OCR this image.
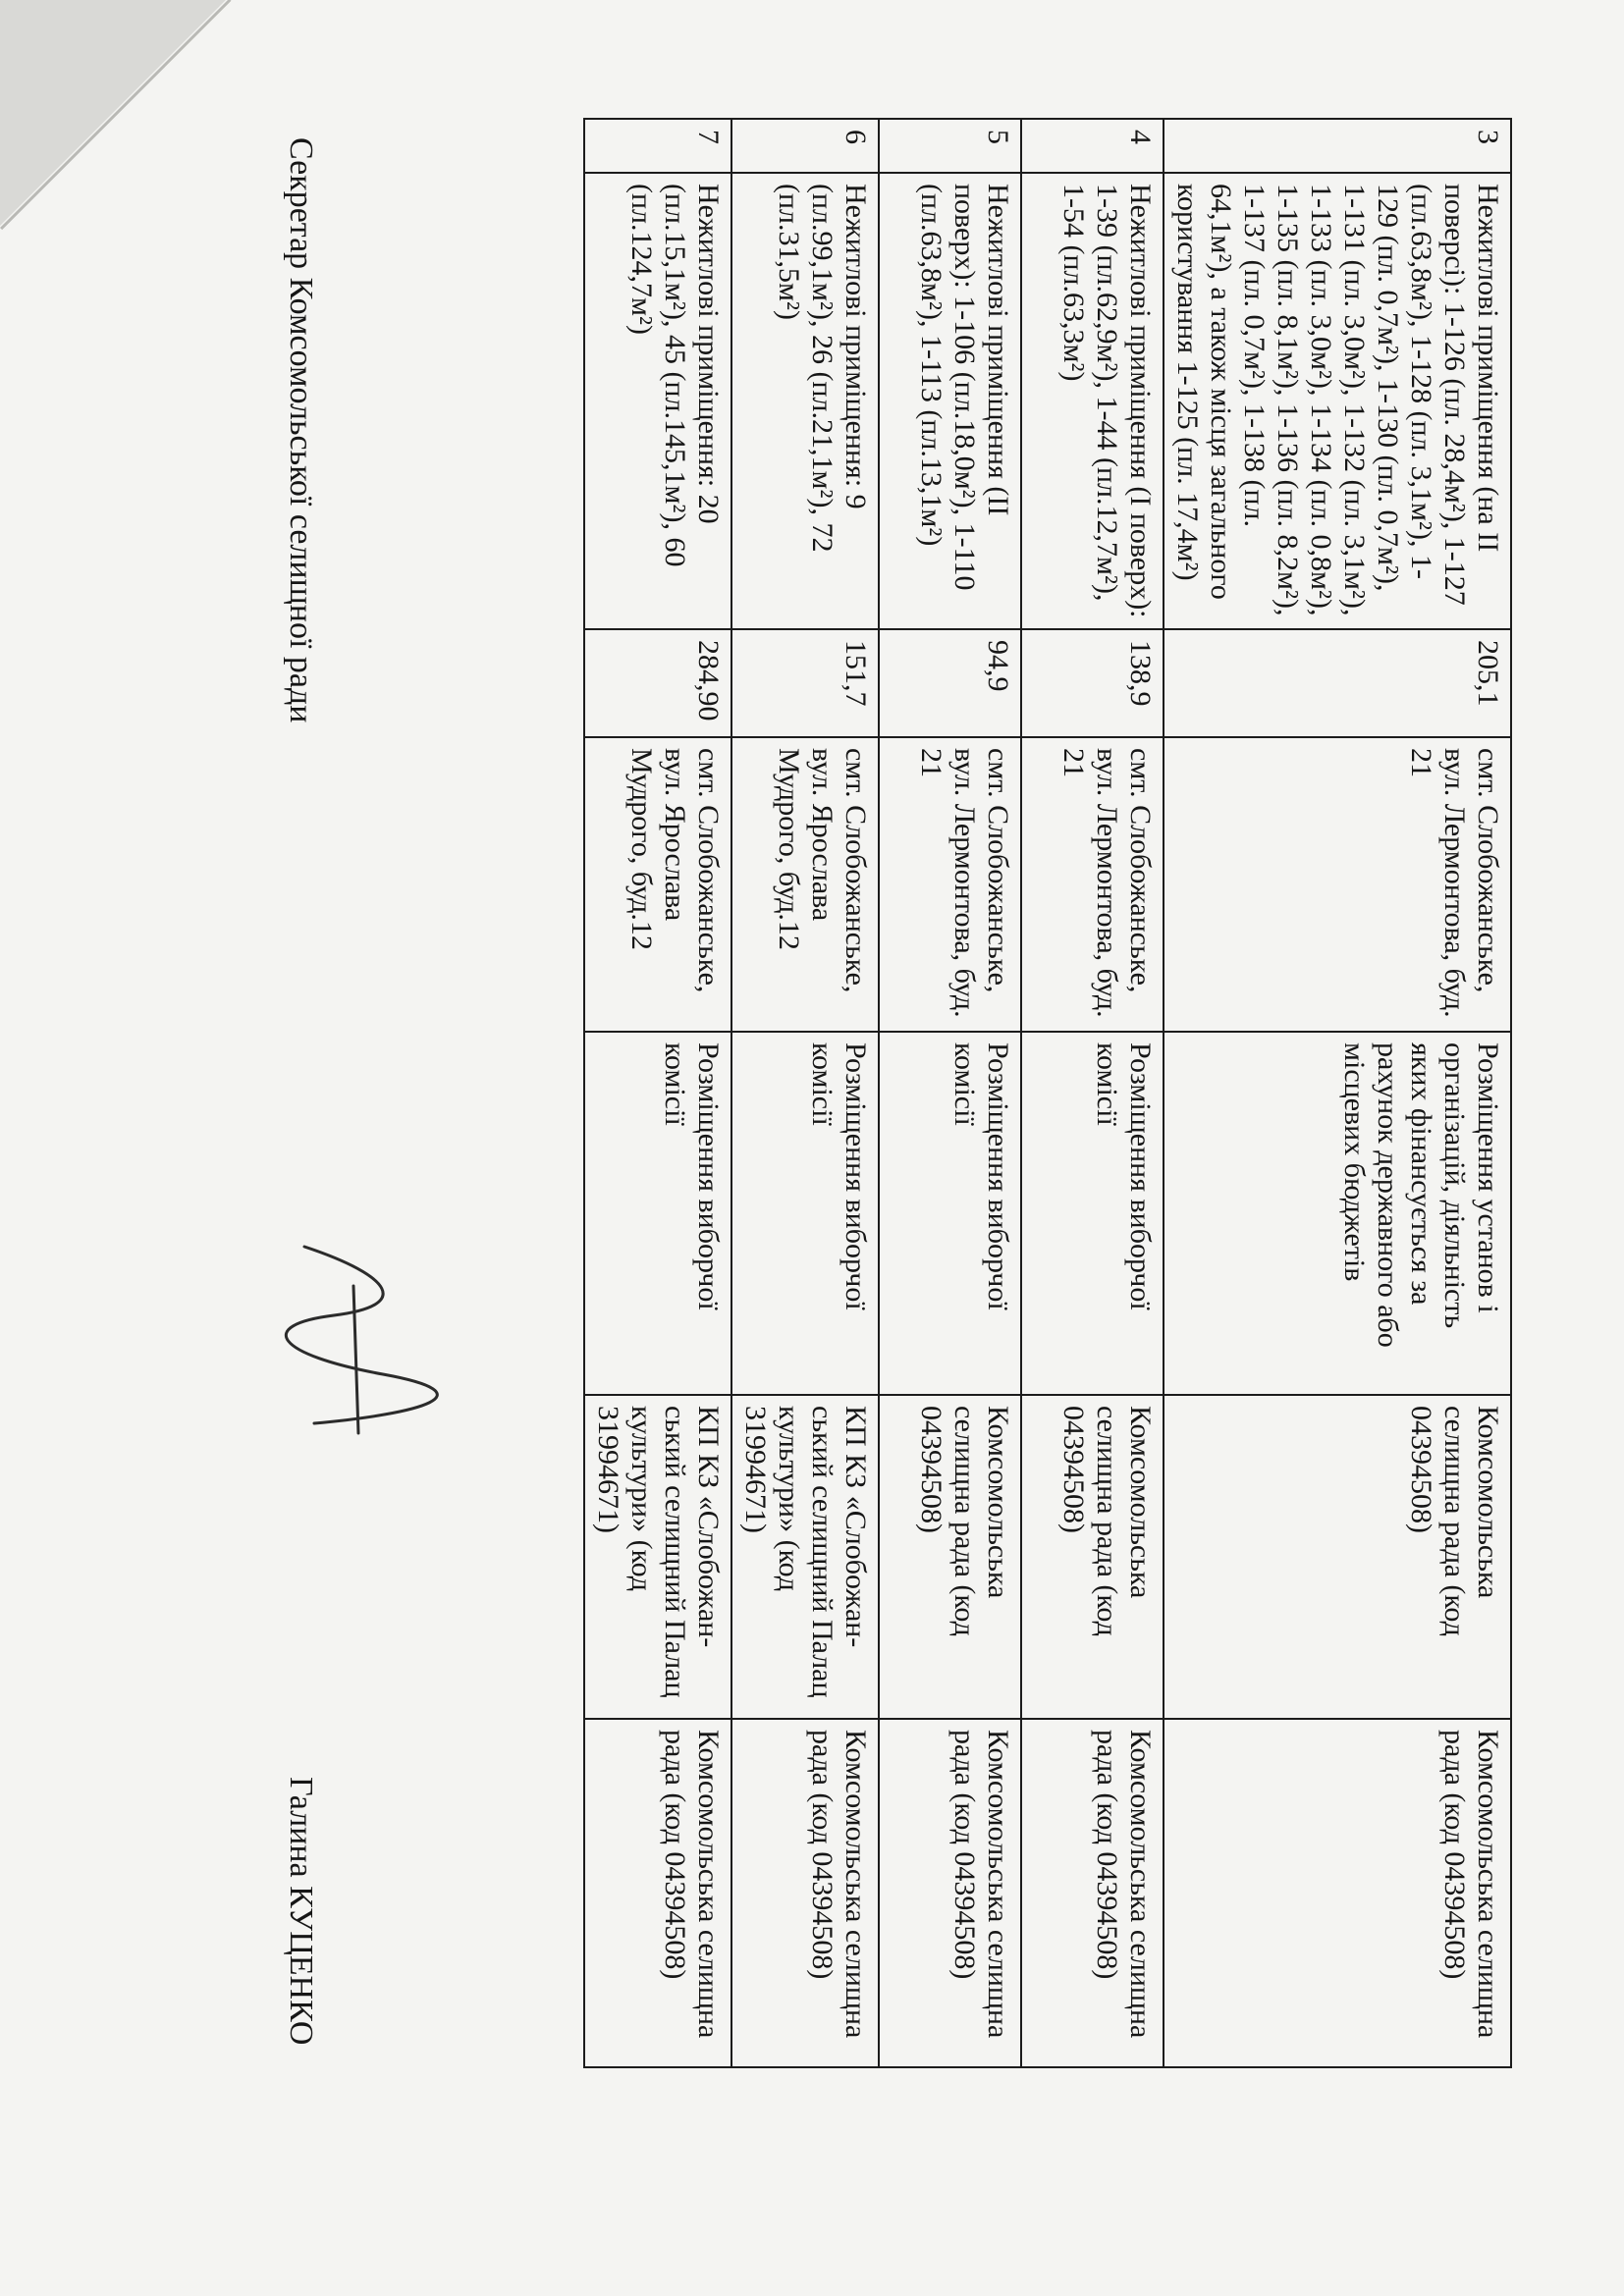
3	Нежитлові приміщення (на ІІ поверсі): 1-126 (пл. 28,4м²), 1-127 (пл.63,8м²), 1-128 (пл. 3,1м²), 1-129 (пл. 0,7м²), 1-130 (пл. 0,7м²), 1-131 (пл. 3,0м²), 1-132 (пл. 3,1м²), 1-133 (пл. 3,0м²), 1-134 (пл. 0,8м²), 1-135 (пл. 8,1м²), 1-136 (пл. 8,2м²), 1-137 (пл. 0,7м²), 1-138 (пл. 64,1м²), а також місця загального користування 1-125 (пл. 17,4м²)	205,1	смт. Слобожанське, вул. Лермонтова, буд. 21	Розміщення установ і організацій, діяльність яких фінансується за рахунок державного або місцевих бюджетів	Комсомольська селищна рада (код 04394508)	Комсомольська селищна рада (код 04394508)
4	Нежитлові приміщення (І поверх): 1-39 (пл.62,9м²), 1-44 (пл.12,7м²), 1-54 (пл.63,3м²)	138,9	смт. Слобожанське, вул. Лермонтова, буд. 21	Розміщення виборчої комісії	Комсомольська селищна рада (код 04394508)	Комсомольська селищна рада (код 04394508)
5	Нежитлові приміщення (ІІ поверх): 1-106 (пл.18,0м²), 1-110 (пл.63,8м²), 1-113 (пл.13,1м²)	94,9	смт. Слобожанське, вул. Лермонтова, буд. 21	Розміщення виборчої комісії	Комсомольська селищна рада (код 04394508)	Комсомольська селищна рада (код 04394508)
6	Нежитлові приміщення: 9 (пл.99,1м²), 26 (пл.21,1м²), 72 (пл.31,5м²)	151,7	смт. Слобожанське, вул. Ярослава Мудрого, буд.12	Розміщення виборчої комісії	КП КЗ «Слобожан-ський селищний Палац культури» (код 31994671)	Комсомольська селищна рада (код 04394508)
7	Нежитлові приміщення: 20 (пл.15,1м²), 45 (пл.145,1м²), 60 (пл.124,7м²)	284,90	смт. Слобожанське, вул. Ярослава Мудрого, буд.12	Розміщення виборчої комісії	КП КЗ «Слобожан-ський селищний Палац культури» (код 31994671)	Комсомольська селищна рада (код 04394508)
Секретар Комсомольської селищної ради
Галина КУЦЕНКО
